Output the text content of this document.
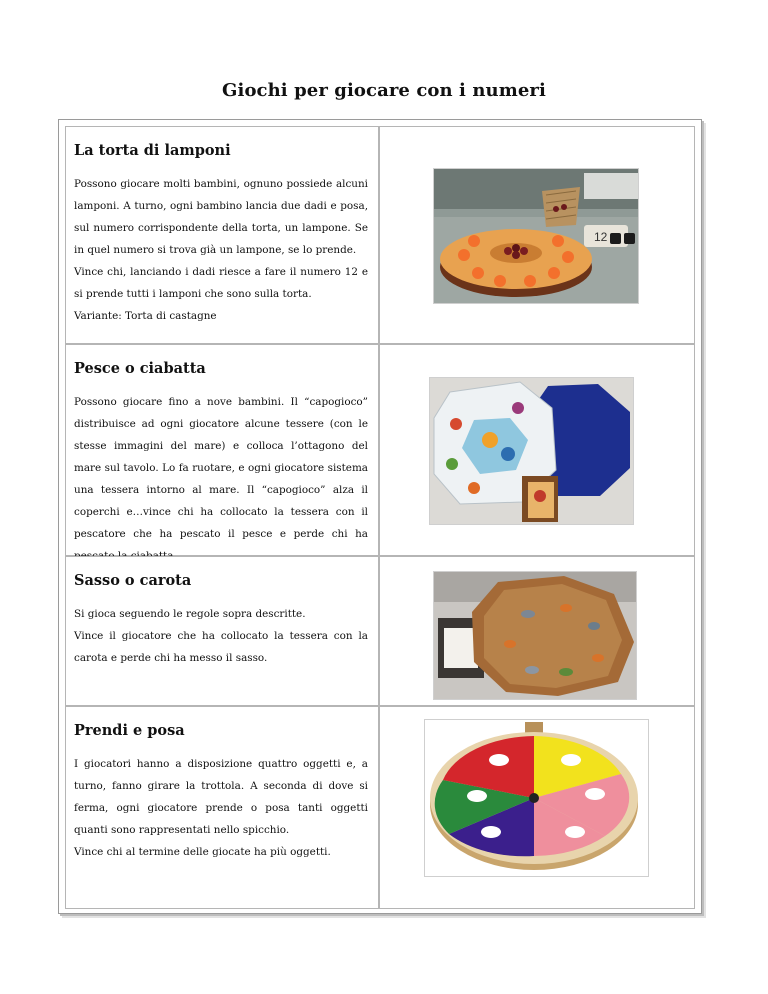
Giochi per giocare con i numeri
La torta di lamponi

Possono giocare molti bambini, ognuno possiede alcuni lamponi. A turno, ogni bambino lancia due dadi e posa, sul numero corrispondente della torta, un lampone. Se in quel numero si trova già un lampone, se lo prende.

Vince chi, lanciando i dadi riesce a fare il numero 12 e si prende tutti i lamponi che sono sulla torta.

Variante: Torta di castagne

12
Pesce o ciabatta

Possono giocare fino a nove bambini. Il “capogioco” distribuisce ad ogni giocatore alcune tessere (con le stesse immagini del mare) e colloca l’ottagono del mare sul tavolo. Lo fa ruotare, e ogni giocatore sistema una tessera intorno al mare. Il “capogioco” alza il coperchi e…vince chi ha collocato la tessera con il pescatore che ha pescato il pesce e perde chi ha

Sasso o carota

Si gioca seguendo le regole sopra descritte.

Vince il giocatore che ha collocato la tessera con la carota e perde chi ha messo il sasso.

Prendi e posa

I giocatori hanno a disposizione quattro oggetti e, a turno, fanno girare la trottola. A seconda di dove si ferma, ogni giocatore prende o posa tanti oggetti quanti sono rappresentati nello spicchio.

Vince chi al termine delle giocate ha più oggetti.
